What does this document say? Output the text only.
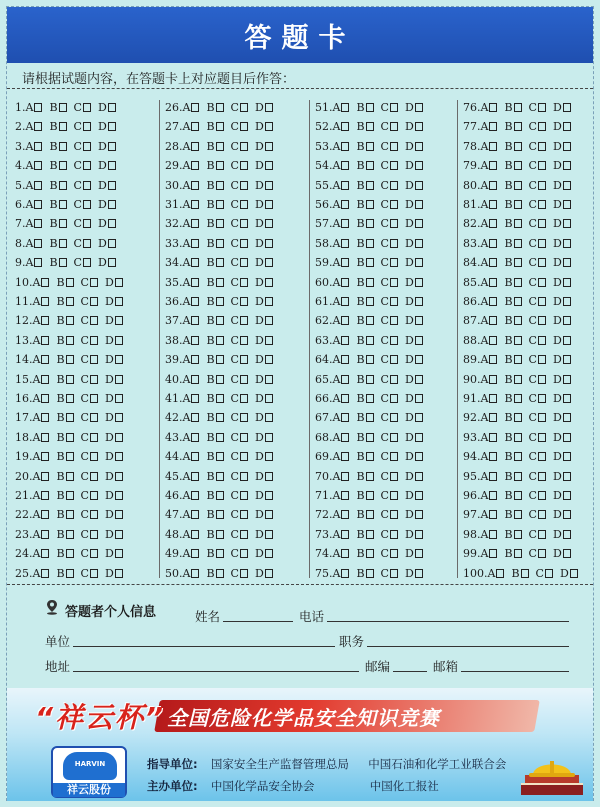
答题卡
请根据试题内容，在答题卡上对应题目后作答：
1.A B C D
2.A B C D
3.A B C D
4.A B C D
5.A B C D
6.A B C D
7.A B C D
8.A B C D
9.A B C D
10.A B C D
11.A B C D
12.A B C D
13.A B C D
14.A B C D
15.A B C D
16.A B C D
17.A B C D
18.A B C D
19.A B C D
20.A B C D
21.A B C D
22.A B C D
23.A B C D
24.A B C D
25.A B C D
26.A B C D
27.A B C D
28.A B C D
29.A B C D
30.A B C D
31.A B C D
32.A B C D
33.A B C D
34.A B C D
35.A B C D
36.A B C D
37.A B C D
38.A B C D
39.A B C D
40.A B C D
41.A B C D
42.A B C D
43.A B C D
44.A B C D
45.A B C D
46.A B C D
47.A B C D
48.A B C D
49.A B C D
50.A B C D
51.A B C D
52.A B C D
53.A B C D
54.A B C D
55.A B C D
56.A B C D
57.A B C D
58.A B C D
59.A B C D
60.A B C D
61.A B C D
62.A B C D
63.A B C D
64.A B C D
65.A B C D
66.A B C D
67.A B C D
68.A B C D
69.A B C D
70.A B C D
71.A B C D
72.A B C D
73.A B C D
74.A B C D
75.A B C D
76.A B C D
77.A B C D
78.A B C D
79.A B C D
80.A B C D
81.A B C D
82.A B C D
83.A B C D
84.A B C D
85.A B C D
86.A B C D
87.A B C D
88.A B C D
89.A B C D
90.A B C D
91.A B C D
92.A B C D
93.A B C D
94.A B C D
95.A B C D
96.A B C D
97.A B C D
98.A B C D
99.A B C D
100.A B C D
答题者个人信息	姓名	电话
单位	职务
地址	邮编	邮箱
“祥云杯” 全国危险化学品安全知识竞赛
指导单位: 国家安全生产监督管理总局 中国石油和化学工业联合会
主办单位: 中国化学品安全协会	中国化工报社
HARVIN
祥云股份
